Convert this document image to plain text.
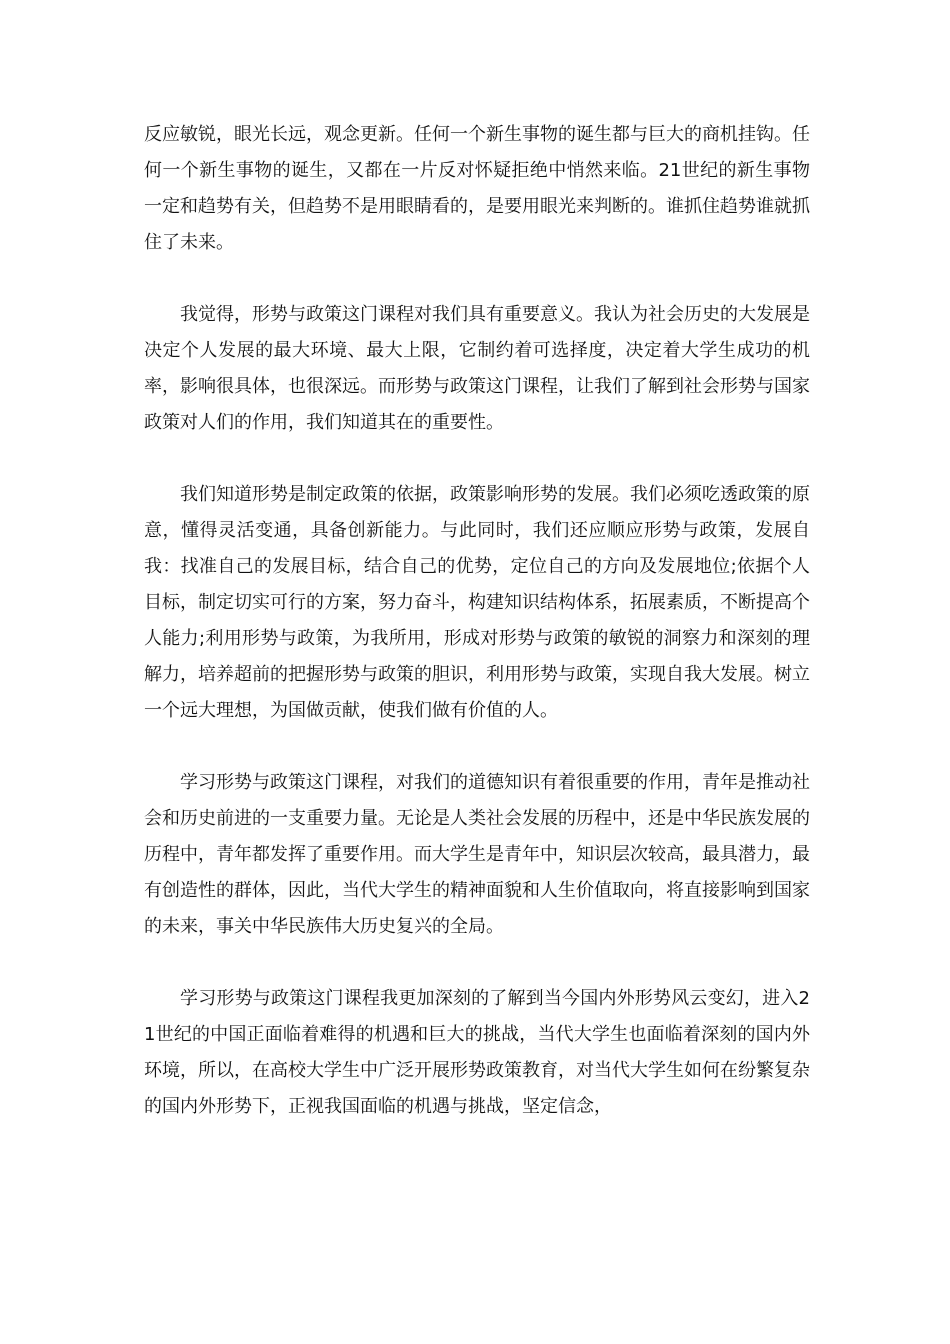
反应敏锐，眼光长远，观念更新。任何一个新生事物的诞生都与巨大的商机挂钩。任何一个新生事物的诞生，又都在一片反对怀疑拒绝中悄然来临。21世纪的新生事物一定和趋势有关，但趋势不是用眼睛看的，是要用眼光来判断的。谁抓住趋势谁就抓住了未来。

我觉得，形势与政策这门课程对我们具有重要意义。我认为社会历史的大发展是决定个人发展的最大环境、最大上限，它制约着可选择度，决定着大学生成功的机率，影响很具体，也很深远。而形势与政策这门课程，让我们了解到社会形势与国家政策对人们的作用，我们知道其在的重要性。

我们知道形势是制定政策的依据，政策影响形势的发展。我们必须吃透政策的原意，懂得灵活变通，具备创新能力。与此同时，我们还应顺应形势与政策，发展自我：找准自己的发展目标，结合自己的优势，定位自己的方向及发展地位;依据个人目标，制定切实可行的方案，努力奋斗，构建知识结构体系，拓展素质，不断提高个人能力;利用形势与政策，为我所用，形成对形势与政策的敏锐的洞察力和深刻的理解力，培养超前的把握形势与政策的胆识，利用形势与政策，实现自我大发展。树立一个远大理想，为国做贡献，使我们做有价值的人。

学习形势与政策这门课程，对我们的道德知识有着很重要的作用，青年是推动社会和历史前进的一支重要力量。无论是人类社会发展的历程中，还是中华民族发展的历程中，青年都发挥了重要作用。而大学生是青年中，知识层次较高，最具潜力，最有创造性的群体，因此，当代大学生的精神面貌和人生价值取向，将直接影响到国家的未来，事关中华民族伟大历史复兴的全局。

学习形势与政策这门课程我更加深刻的了解到当今国内外形势风云变幻，进入21世纪的中国正面临着难得的机遇和巨大的挑战，当代大学生也面临着深刻的国内外环境，所以，在高校大学生中广泛开展形势政策教育，对当代大学生如何在纷繁复杂的国内外形势下，正视我国面临的机遇与挑战，坚定信念，
